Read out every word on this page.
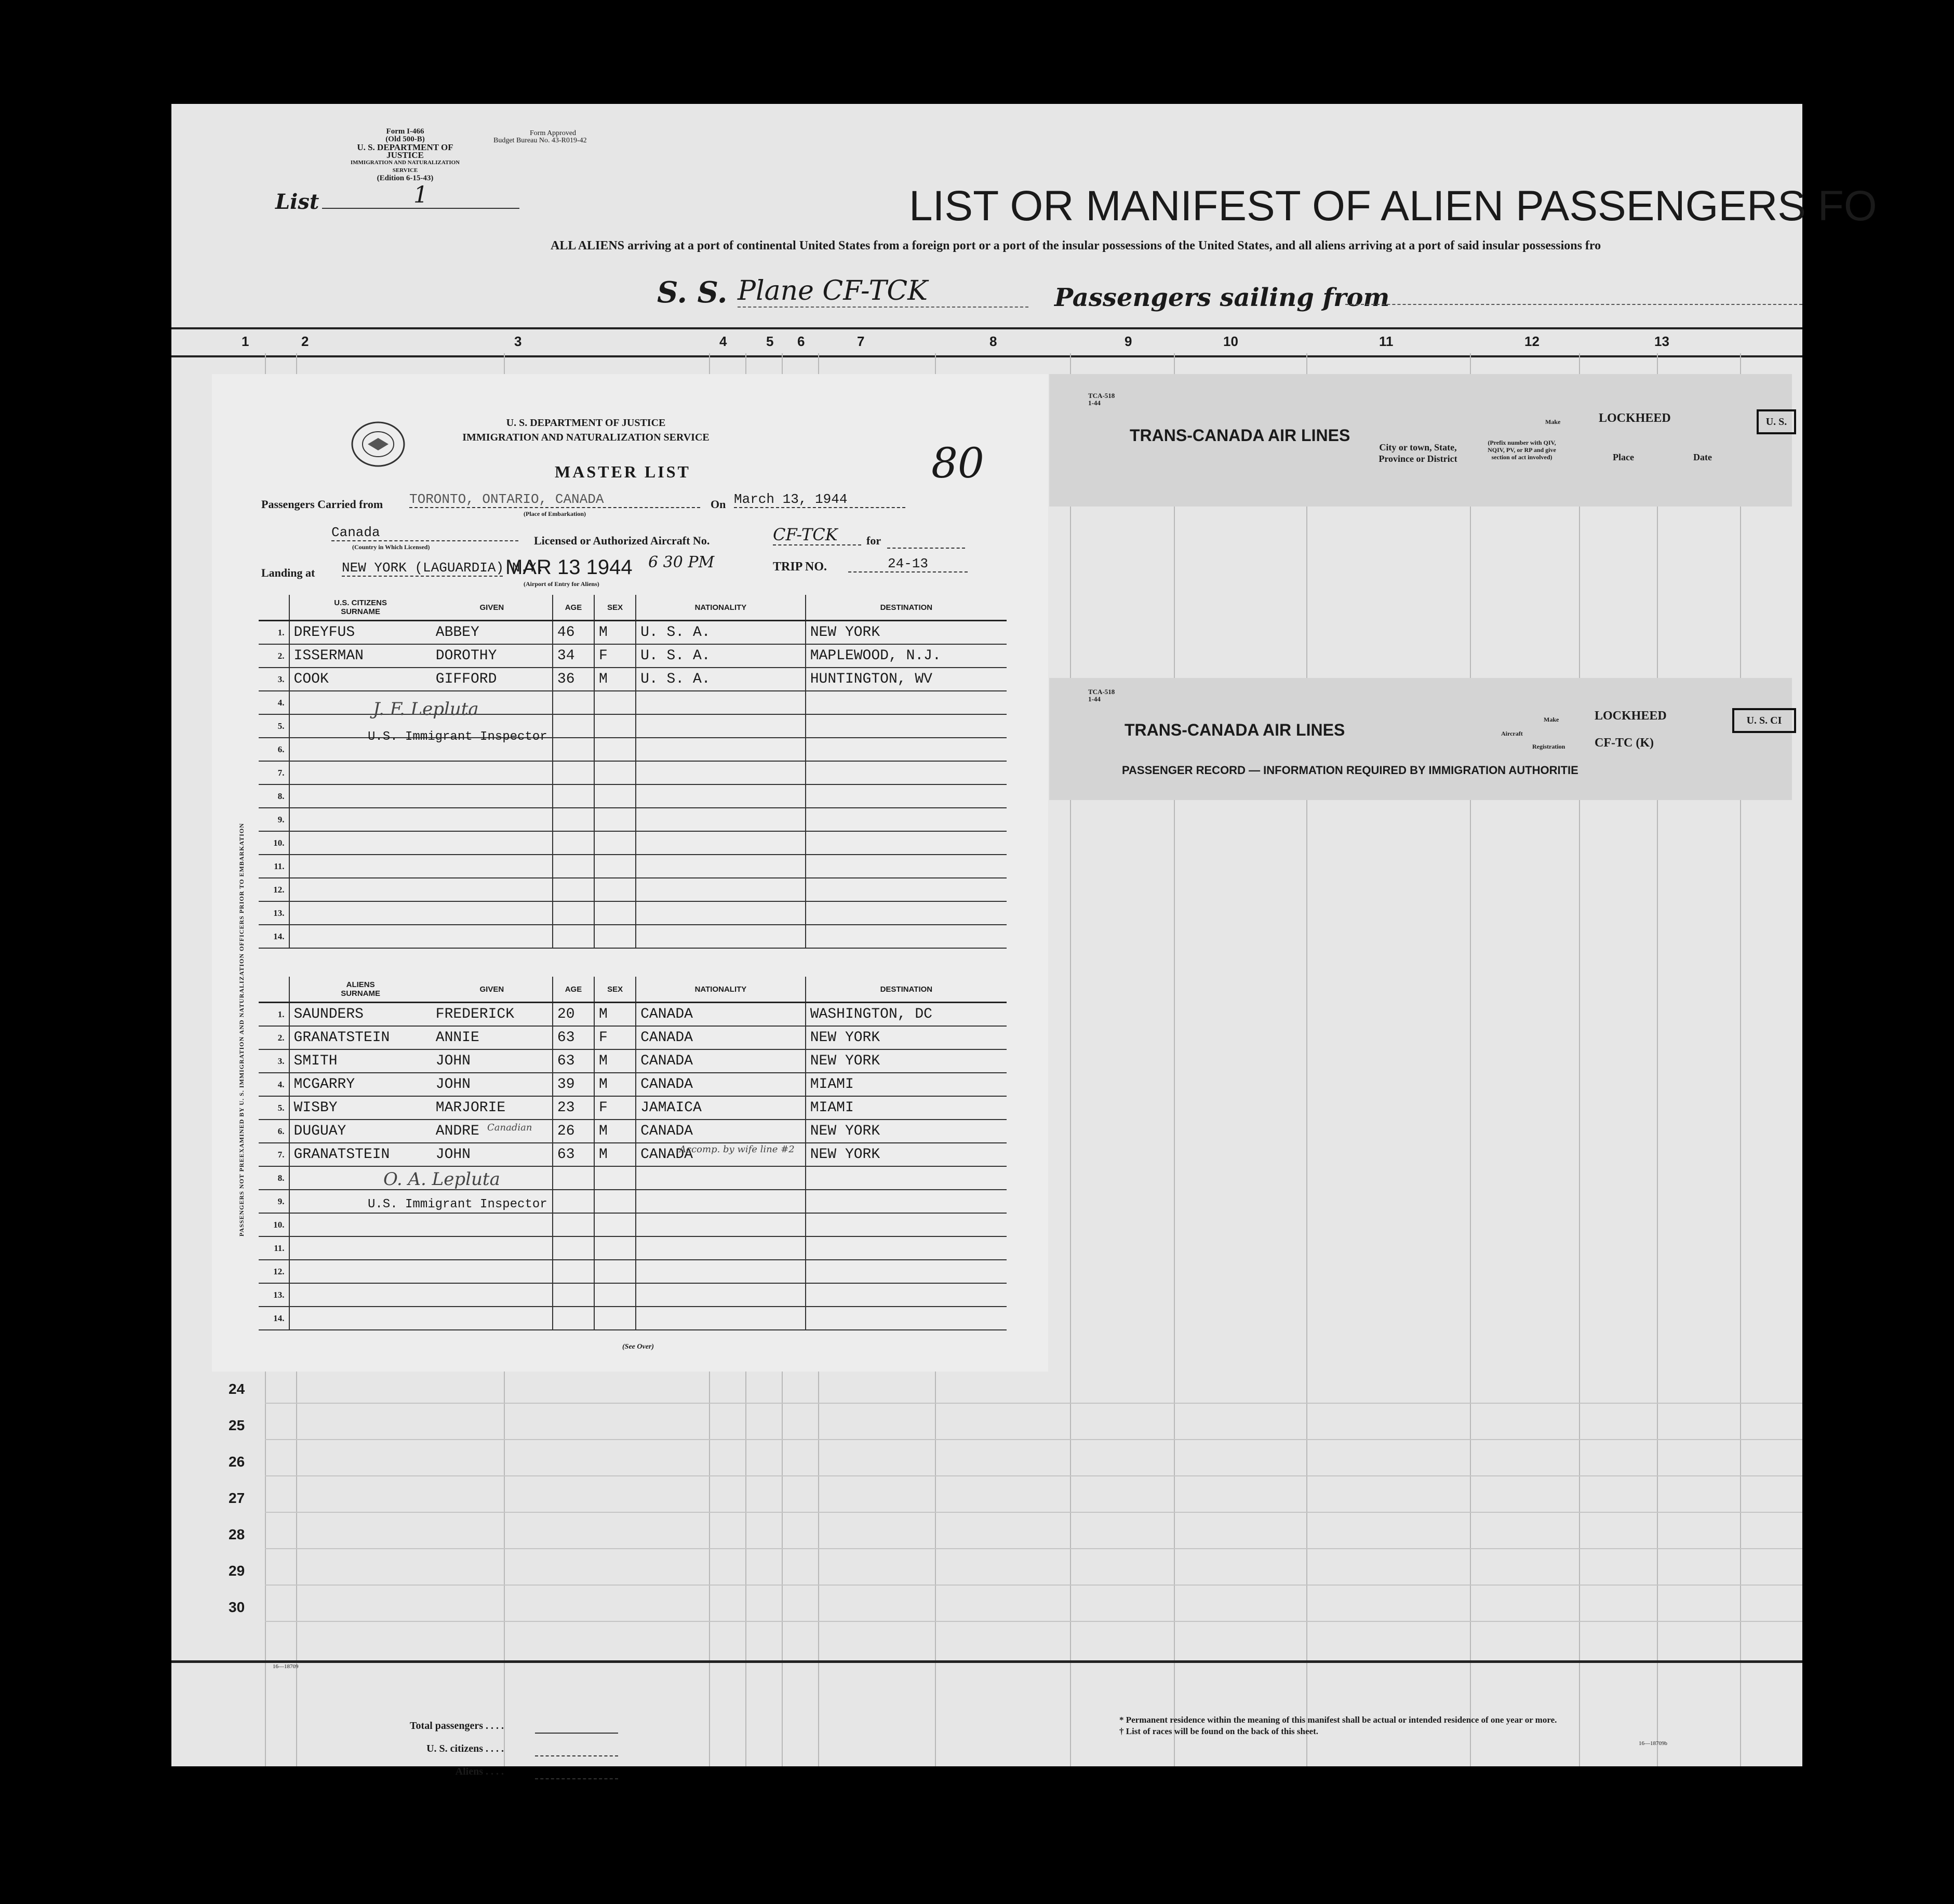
Form I-466
(Old 500-B)
U. S. DEPARTMENT OF JUSTICE
IMMIGRATION AND NATURALIZATION SERVICE
(Edition 6-15-43)
Form Approved
Budget Bureau No. 43-R019-42
List	1	LIST OR MANIFEST OF ALIEN PASSENGERS FO
ALL ALIENS arriving at a port of continental United States from a foreign port or a port of the insular possessions of the United States, and all aliens arriving at a port of said insular possessions fro
S. S. Plane CF-TCK	Passengers sailing from
1	2	3	4	5 6	7	8	9	10	11	12	13
24
25
26
27
28
29
30
16—18709
Total passengers . . . .
U. S. citizens . . . .
Aliens . . . .
* Permanent residence within the meaning of this manifest shall be actual or intended residence of one year or more.
† List of races will be found on the back of this sheet.
16—18709b
U. S. DEPARTMENT OF JUSTICE
IMMIGRATION AND NATURALIZATION SERVICE
MASTER LIST	80
Passengers Carried from TORONTO, ONTARIO, CANADA
(Place of Embarkation)
On March 13, 1944
Canada
(Country in Which Licensed)	Licensed or Authorized Aircraft No.	CF-TCK	for
Landing at NEW YORK (LAGUARDIA) N.Y.
MAR 13 1944 6 30 PM
(Airport of Entry for Aliens)
TRIP NO.	24-13
	U.S. CITIZENS
SURNAME	GIVEN	AGE	SEX	NATIONALITY	DESTINATION
1.	DREYFUS	ABBEY	46	M	U. S. A.	NEW YORK
2.	ISSERMAN	DOROTHY	34	F	U. S. A.	MAPLEWOOD, N.J.
3.	COOK	GIFFORD	36	M	U. S. A.	HUNTINGTON, WV
4.						
5.						
6.						
7.						
8.						
9.						
10.						
11.						
12.						
13.						
14.						
J. F. Lepluta
U.S. Immigrant Inspector
	ALIENS
SURNAME	GIVEN	AGE	SEX	NATIONALITY	DESTINATION
1.	SAUNDERS	FREDERICK	20	M	CANADA	WASHINGTON, DC
2.	GRANATSTEIN	ANNIE	63	F	CANADA	NEW YORK
3.	SMITH	JOHN	63	M	CANADA	NEW YORK
4.	MCGARRY	JOHN	39	M	CANADA	MIAMI
5.	WISBY	MARJORIE	23	F	JAMAICA	MIAMI
6.	DUGUAY	ANDRE	26	M	CANADA	NEW YORK
7.	GRANATSTEIN	JOHN	63	M	CANADA	NEW YORK
8.						
9.						
10.						
11.						
12.						
13.						
14.						
Canadian
Accomp. by wife line #2
O. A. Lepluta
U.S. Immigrant Inspector
(See Over)
PASSENGERS NOT PREEXAMINED BY U. S. IMMIGRATION AND NATURALIZATION OFFICERS PRIOR TO EMBARKATION
TCA-518
1-44
TRANS-CANADA AIR LINES
Make	LOCKHEED	U. S.
City or town, State, Province or District
(Prefix number with QIV, NQIV, PV, or RP and give section of act involved)	Place	Date
TCA-518
1-44
TRANS-CANADA AIR LINES	Aircraft
Make	LOCKHEED	U. S. CI
Registration CF-TC (K)
PASSENGER RECORD — INFORMATION REQUIRED BY IMMIGRATION AUTHORITIE
